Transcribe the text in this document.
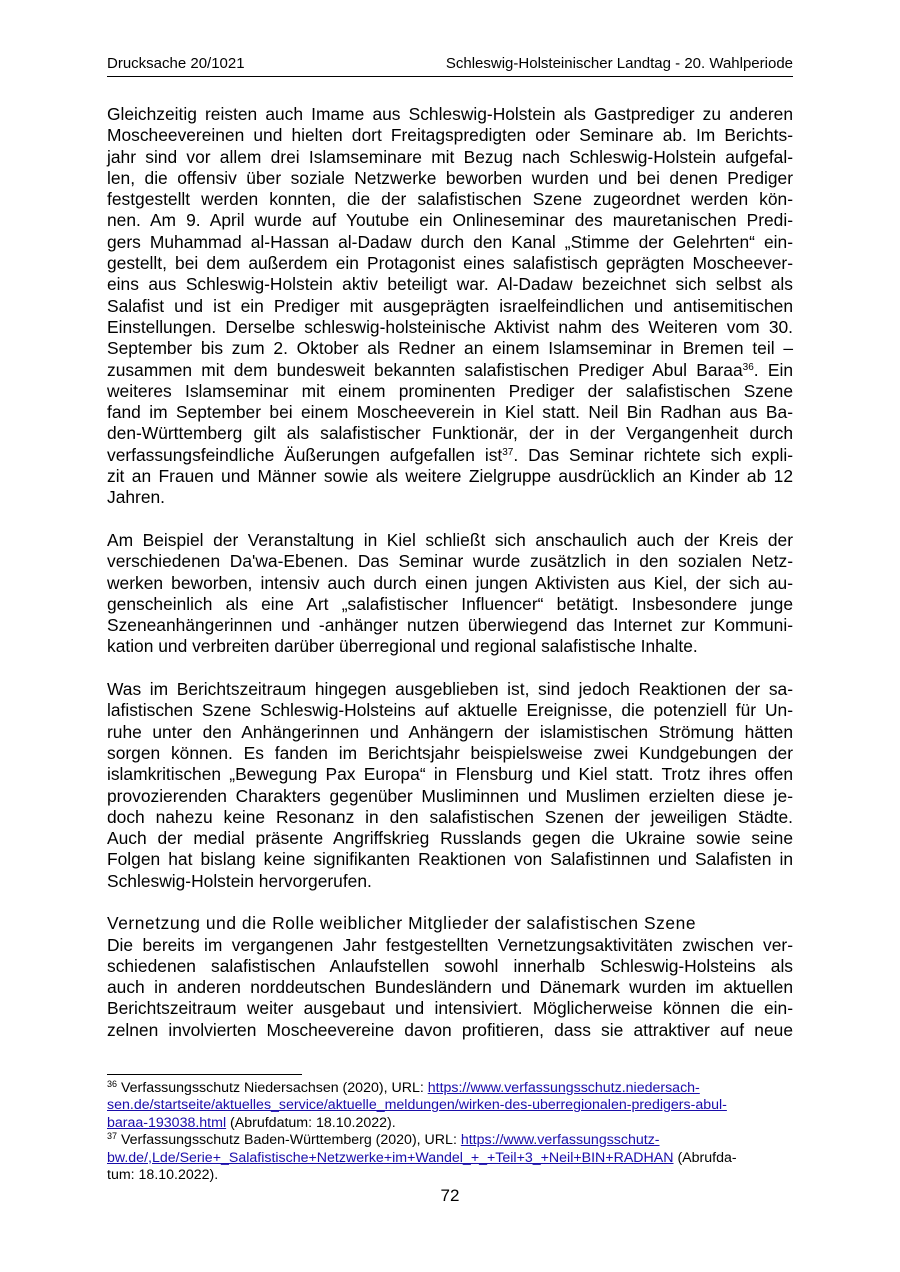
Drucksache 20/1021	Schleswig-Holsteinischer Landtag - 20. Wahlperiode
Gleichzeitig reisten auch Imame aus Schleswig-Holstein als Gastprediger zu anderen
Moscheevereinen und hielten dort Freitagspredigten oder Seminare ab. Im Berichts-
jahr sind vor allem drei Islamseminare mit Bezug nach Schleswig-Holstein aufgefal-
len, die offensiv über soziale Netzwerke beworben wurden und bei denen Prediger
festgestellt werden konnten, die der salafistischen Szene zugeordnet werden kön-
nen. Am 9. April wurde auf Youtube ein Onlineseminar des mauretanischen Predi-
gers Muhammad al-Hassan al-Dadaw durch den Kanal „Stimme der Gelehrten“ ein-
gestellt, bei dem außerdem ein Protagonist eines salafistisch geprägten Moscheever-
eins aus Schleswig-Holstein aktiv beteiligt war. Al-Dadaw bezeichnet sich selbst als
Salafist und ist ein Prediger mit ausgeprägten israelfeindlichen und antisemitischen
Einstellungen. Derselbe schleswig-holsteinische Aktivist nahm des Weiteren vom 30.
September bis zum 2. Oktober als Redner an einem Islamseminar in Bremen teil –
zusammen mit dem bundesweit bekannten salafistischen Prediger Abul Baraa$^{36}$. Ein
weiteres Islamseminar mit einem prominenten Prediger der salafistischen Szene
fand im September bei einem Moscheeverein in Kiel statt. Neil Bin Radhan aus Ba-
den-Württemberg gilt als salafistischer Funktionär, der in der Vergangenheit durch
verfassungsfeindliche Äußerungen aufgefallen ist$^{37}$. Das Seminar richtete sich expli-
zit an Frauen und Männer sowie als weitere Zielgruppe ausdrücklich an Kinder ab 12
Jahren.
Am Beispiel der Veranstaltung in Kiel schließt sich anschaulich auch der Kreis der
verschiedenen Da'wa-Ebenen. Das Seminar wurde zusätzlich in den sozialen Netz-
werken beworben, intensiv auch durch einen jungen Aktivisten aus Kiel, der sich au-
genscheinlich als eine Art „salafistischer Influencer“ betätigt. Insbesondere junge
Szeneanhängerinnen und -anhänger nutzen überwiegend das Internet zur Kommuni-
kation und verbreiten darüber überregional und regional salafistische Inhalte.
Was im Berichtszeitraum hingegen ausgeblieben ist, sind jedoch Reaktionen der sa-
lafistischen Szene Schleswig-Holsteins auf aktuelle Ereignisse, die potenziell für Un-
ruhe unter den Anhängerinnen und Anhängern der islamistischen Strömung hätten
sorgen können. Es fanden im Berichtsjahr beispielsweise zwei Kundgebungen der
islamkritischen „Bewegung Pax Europa“ in Flensburg und Kiel statt. Trotz ihres offen
provozierenden Charakters gegenüber Musliminnen und Muslimen erzielten diese je-
doch nahezu keine Resonanz in den salafistischen Szenen der jeweiligen Städte.
Auch der medial präsente Angriffskrieg Russlands gegen die Ukraine sowie seine
Folgen hat bislang keine signifikanten Reaktionen von Salafistinnen und Salafisten in
Schleswig-Holstein hervorgerufen.
Vernetzung und die Rolle weiblicher Mitglieder der salafistischen Szene
Die bereits im vergangenen Jahr festgestellten Vernetzungsaktivitäten zwischen ver-
schiedenen salafistischen Anlaufstellen sowohl innerhalb Schleswig-Holsteins als
auch in anderen norddeutschen Bundesländern und Dänemark wurden im aktuellen
Berichtszeitraum weiter ausgebaut und intensiviert. Möglicherweise können die ein-
zelnen involvierten Moscheevereine davon profitieren, dass sie attraktiver auf neue
$^{36}$ Verfassungsschutz Niedersachsen (2020), URL: https://www.verfassungsschutz.niedersach-
sen.de/startseite/aktuelles_service/aktuelle_meldungen/wirken-des-uberregionalen-predigers-abul-
baraa-193038.html (Abrufdatum: 18.10.2022).
$^{37}$ Verfassungsschutz Baden-Württemberg (2020), URL: https://www.verfassungsschutz-
bw.de/,Lde/Serie+_Salafistische+Netzwerke+im+Wandel_+_+Teil+3_+Neil+BIN+RADHAN (Abrufda-
tum: 18.10.2022).
72
